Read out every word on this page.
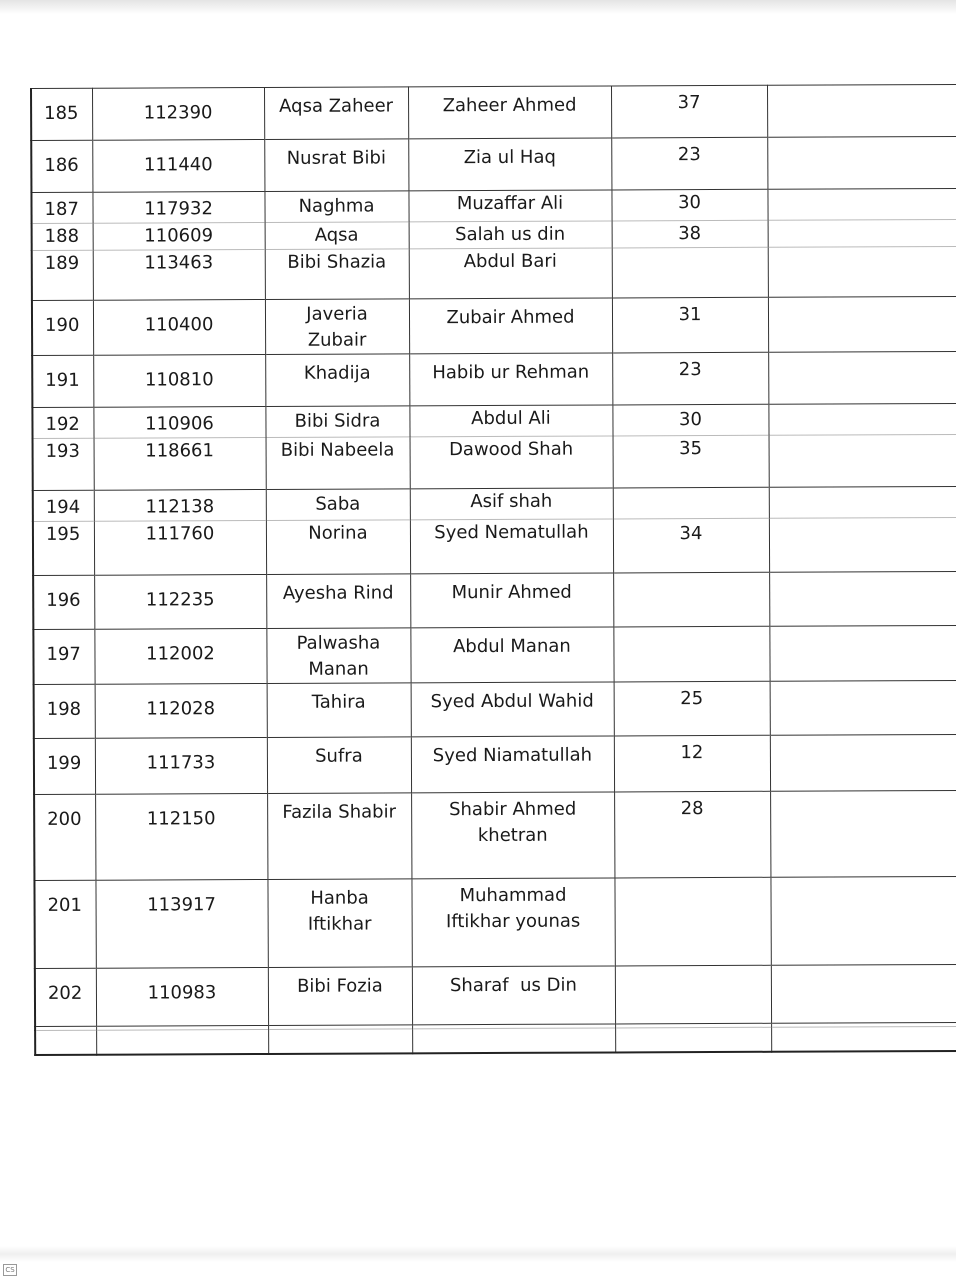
185	112390	Aqsa Zaheer	Zaheer Ahmed	37	

186	111440	Nusrat Bibi	Zia ul Haq	23	

187	117932	Naghma	Muzaffar Ali	30	

188	110609	Aqsa	Salah us din	38	

189	113463	Bibi Shazia	Abdul Bari		

190	110400	Javeria Zubair	Zubair Ahmed	31	

191	110810	Khadija	Habib ur Rehman	23	

192	110906	Bibi Sidra	Abdul Ali	30	

193	118661	Bibi Nabeela	Dawood Shah	35	

194	112138	Saba	Asif shah		

195	111760	Norina	Syed Nematullah	34	

196	112235	Ayesha Rind	Munir Ahmed		

197	112002	Palwasha Manan	Abdul Manan		

198	112028	Tahira	Syed Abdul Wahid	25	

199	111733	Sufra	Syed Niamatullah	12	

200	112150	Fazila Shabir	Shabir Ahmed khetran	28	

201	113917	Hanba Iftikhar	Muhammad Iftikhar younas		

202	110983	Bibi Fozia	Sharaf  us Din		

CS
